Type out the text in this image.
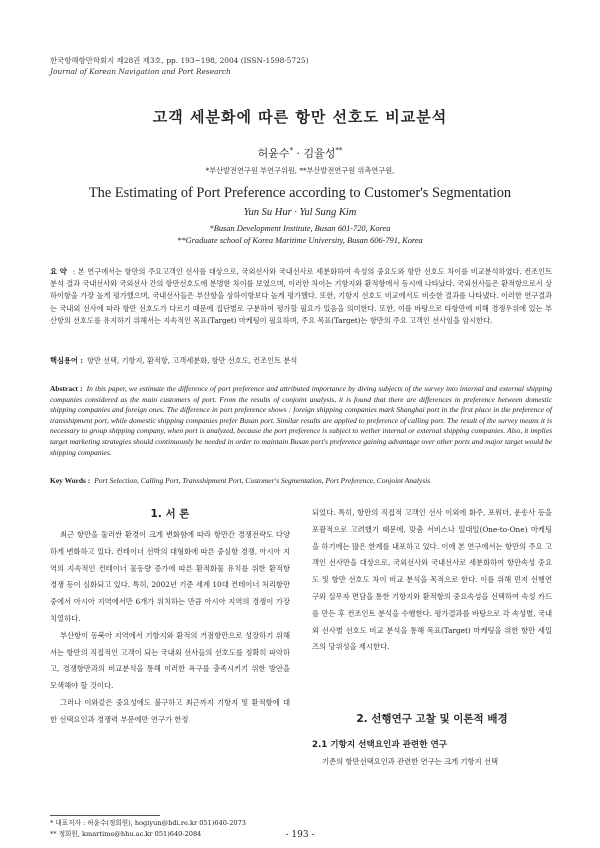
한국항해항만학회지 제28권 제3호, pp. 193~198, 2004 (ISSN-1598-5725)
Journal of Korean Navigation and Port Research
고객 세분화에 따른 항만 선호도 비교분석
허윤수* · 김율성**
*부산발전연구원 부연구위원, **부산발전연구원 위촉연구원,
The Estimating of Port Preference according to Customer's Segmentation
Yun Su Hur · Yul Sung Kim
*Busan Development Institute, Busan 601-720, Korea
**Graduate school of Korea Maritime University, Busan 606-791, Korea
요 약 : 본 연구에서는 항만의 주요고객인 선사를 대상으로, 국외선사와 국내선사로 세분화하여 속성의 중요도와 항만 선호도 차이를 비교분석하였다. 컨조인트 분석 결과 국내선사와 국외선사 간의 항만선호도에 분명한 차이를 보였으며, 이러한 차이는 기항지와 환적항에서 동시에 나타났다. 국외선사들은 환적항으로서 상하이항을 가장 높게 평가했으며, 국내선사들은 부산항을 상하이항보다 높게 평가했다. 또한, 기항지 선호도 비교에서도 비슷한 결과를 나타냈다. 이러한 연구결과는 국내외 선사에 따라 항만 선호도가 다르기 때문에 집단별로 구분하여 평가할 필요가 있음을 의미한다. 또한, 이를 바탕으로 타항만에 비해 경쟁우위에 있는 부산항의 선호도를 유지하기 위해서는 지속적인 목표(Target) 마케팅이 필요하며, 주요 목표(Target)는 항만의 주요 고객인 선사임을 암시한다.
핵심용어 : 항만 선택, 기항지, 환적항, 고객세분화, 항만 선호도, 컨조인트 분석
Abstract : In this paper, we estimate the difference of port preference and attributed importance by diving subjects of the survey into internal and external shipping companies considered as the main customers of port. From the results of conjoint analysis, it is found that there are differences in preference between domestic shipping companies and foreign ones. The difference in port preference shows : foreign shipping companies mark Shanghai port in the first place in the preference of transshipment port, while domestic shipping companies prefer Busan port. Similar results are applied to preference of calling port. The result of the survey means it is necessary to group shipping company, when port is analyzed, because the port preference is subject to wether internal or external shipping companies. Also, it implies target marketing strategies should continuously be needed in order to maintain Busan port's preference gaining advantage over other ports and major target would be shipping companies.
Key Words : Port Selection, Calling Port, Transshipment Port, Customer's Segmentation, Port Preference, Conjoint Analysis
1. 서 론

최근 항만을 둘러싼 환경이 크게 변화함에 따라 항만간 경쟁전략도 다양하게 변화하고 있다. 컨테이너 선박의 대형화에 따른 중심항 경쟁, 아시아 지역의 지속적인 컨테이너 물동량 증가에 따른 환적화물 유치를 위한 환적항 경쟁 등이 심화되고 있다. 특히, 2002년 기준 세계 10대 컨테이너 처리항만 중에서 아시아 지역에서만 6개가 위치하는 만큼 아시아 지역의 경쟁이 가장 치열하다.

부산항이 동북아 지역에서 기항지와 환적의 거점항만으로 성장하기 위해서는 항만의 직접적인 고객이 되는 국내외 선사들의 선호도를 정확히 파악하고, 경쟁항만과의 비교분석을 통해 이러한 욕구를 충족시키기 위한 방안을 모색해야 할 것이다.

그러나 이와같은 중요성에도 불구하고 최근까지 기항지 및 환적항에 대한 선택요인과 경쟁력 부문에만 연구가 한정

되었다. 특히, 항만의 직접적 고객인 선사 이외에 화주, 포워더, 운송사 등을 포괄적으로 고려했기 때문에, 맞춤 서비스나 일대일(One-to-One) 마케팅을 하기에는 많은 한계를 내포하고 있다. 이에 본 연구에서는 항만의 주요 고객인 선사만을 대상으로, 국외선사와 국내선사로 세분화하여 항만속성 중요도 및 항만 선호도 차이 비교 분석을 목적으로 한다. 이를 위해 먼저 선행연구와 실무자 면담을 통한 기항지와 환적항의 중요속성을 선택하여 속성 카드를 만든 후 컨조인트 분석을 수행한다. 평가결과를 바탕으로 각 속성별, 국내외 선사별 선호도 비교 분석을 통해 목표(Target) 마케팅을 위한 항만 세일즈의 당위성을 제시한다.

2. 선행연구 고찰 및 이론적 배경
2.1 기항지 선택요인과 관련한 연구

기존의 항만선택요인과 관련한 연구는 크게 기항지 선택

* 대표저자 : 허윤수(정회원), hogiyun@bdi.re.kr 051)640-2073
** 정회원, kmartime@hhu.ac.kr 051)640-2084	- 193 -
